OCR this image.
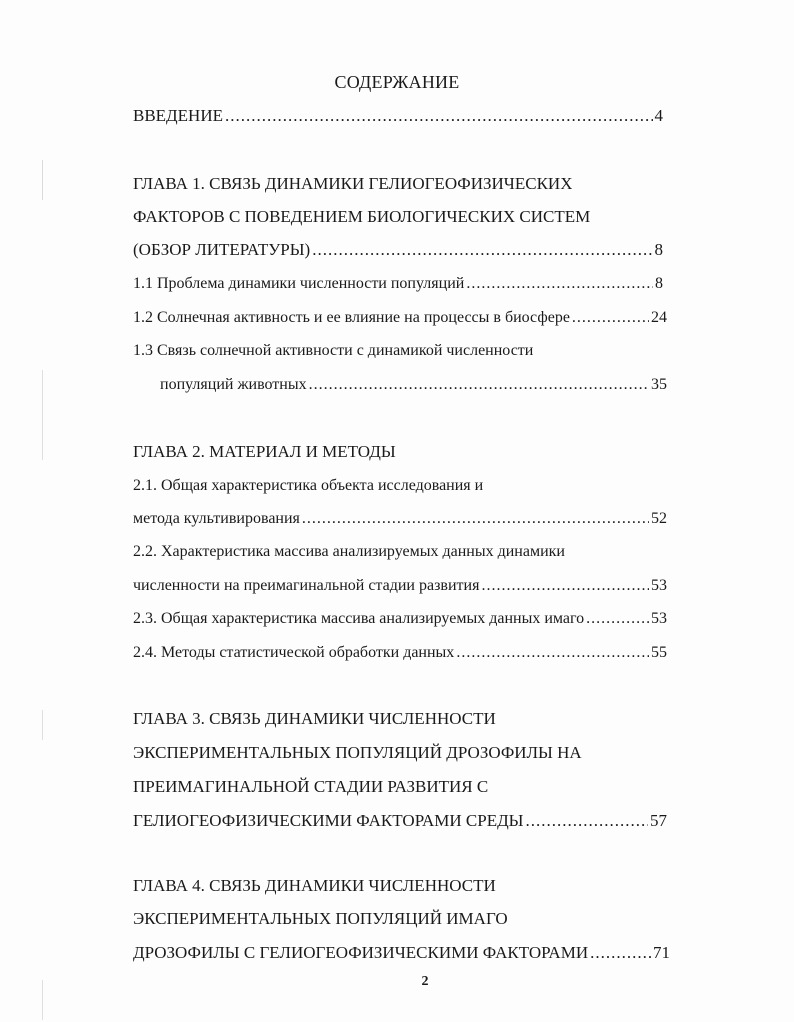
СОДЕРЖАНИЕ
ВВЕДЕНИЕ .....	4
ГЛАВА 1. СВЯЗЬ ДИНАМИКИ ГЕЛИОГЕОФИЗИЧЕСКИХ
ФАКТОРОВ С ПОВЕДЕНИЕМ БИОЛОГИЧЕСКИХ СИСТЕМ
(ОБЗОР ЛИТЕРАТУРЫ) .....	8
1.1 Проблема динамики численности популяций .....	8
1.2 Солнечная активность и ее влияние на процессы в биосфере .....	24
1.3 Связь солнечной активности с динамикой численности
популяций животных .....	35
ГЛАВА 2. МАТЕРИАЛ И МЕТОДЫ
2.1. Общая характеристика объекта исследования и
метода культивирования .....	52
2.2. Характеристика массива анализируемых данных динамики
численности на преимагинальной стадии развития .....	53
2.3. Общая характеристика массива анализируемых данных имаго .....	53
2.4. Методы статистической обработки данных .....	55
ГЛАВА 3. СВЯЗЬ ДИНАМИКИ ЧИСЛЕННОСТИ
ЭКСПЕРИМЕНТАЛЬНЫХ ПОПУЛЯЦИЙ ДРОЗОФИЛЫ НА
ПРЕИМАГИНАЛЬНОЙ СТАДИИ РАЗВИТИЯ С
ГЕЛИОГЕОФИЗИЧЕСКИМИ ФАКТОРАМИ СРЕДЫ .....	57
ГЛАВА 4. СВЯЗЬ ДИНАМИКИ ЧИСЛЕННОСТИ
ЭКСПЕРИМЕНТАЛЬНЫХ ПОПУЛЯЦИЙ ИМАГО
ДРОЗОФИЛЫ С ГЕЛИОГЕОФИЗИЧЕСКИМИ ФАКТОРАМИ .....	71
2
